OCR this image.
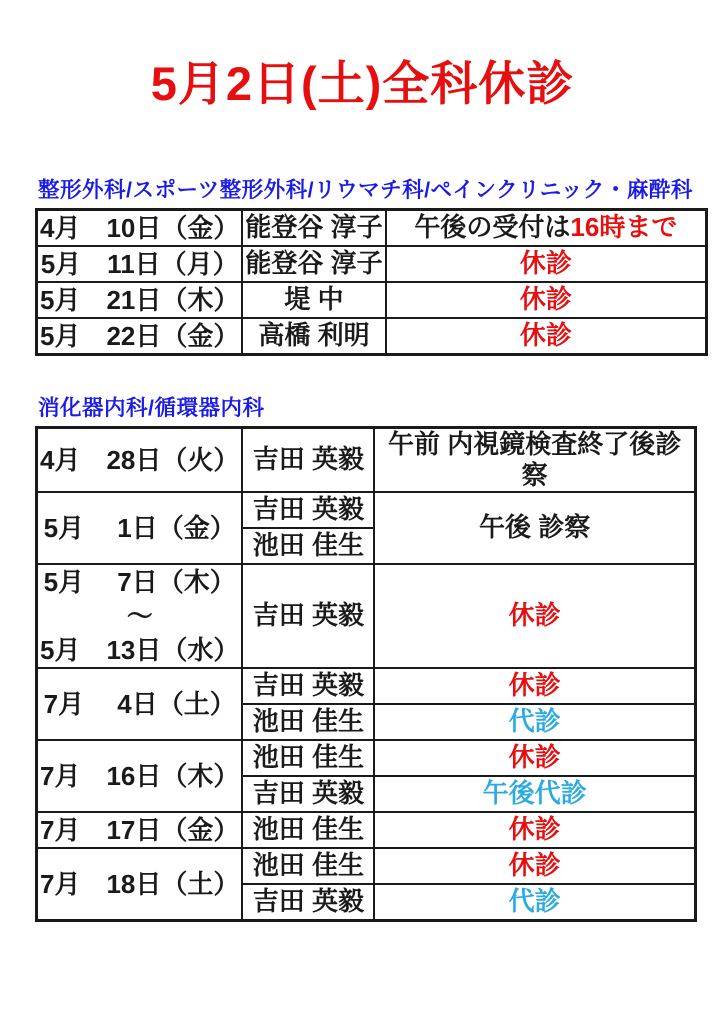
5月2日(土)全科休診
整形外科/スポーツ整形外科/リウマチ科/ペインクリニック・麻酔科
4月　10日（金）	能登谷 淳子	午後の受付は16時まで

5月　11日（月）	能登谷 淳子	休診

5月　21日（木）	堤 中	休診

5月　22日（金）	高橋 利明	休診
消化器内科/循環器内科
4月　28日（火）	吉田 英毅	午前 内視鏡検査終了後診察

5月　 1日（金）	吉田 英毅	午後 診察
	池田 佳生	

5月　 7日（木）
〜
5月　13日（水）	吉田 英毅	休診

7月　 4日（土）	吉田 英毅	休診
	池田 佳生	代診

7月　16日（木）	池田 佳生	休診
	吉田 英毅	午後代診

7月　17日（金）	池田 佳生	休診

7月　18日（土）	池田 佳生	休診
	吉田 英毅	代診
